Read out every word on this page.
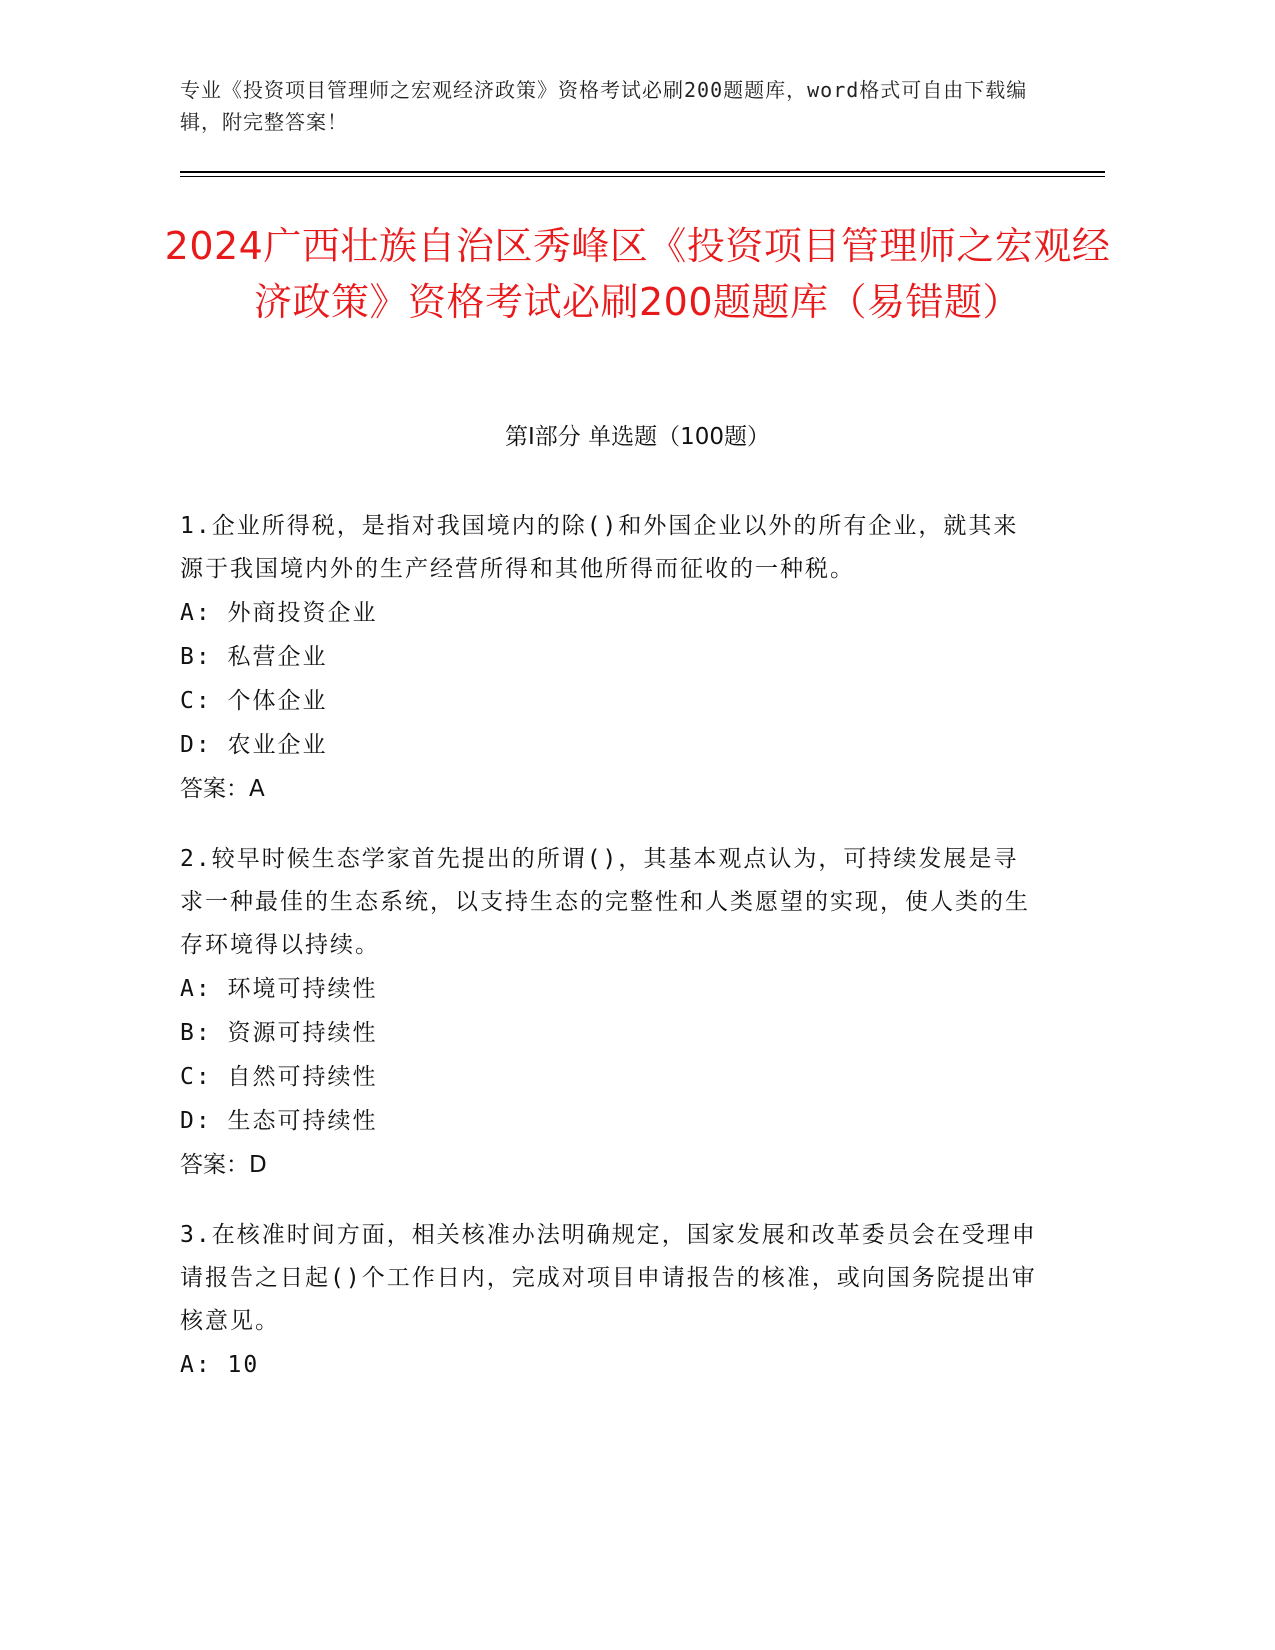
专业《投资项目管理师之宏观经济政策》资格考试必刷200题题库，word格式可自由下载编辑，附完整答案！
2024广西壮族自治区秀峰区《投资项目管理师之宏观经济政策》资格考试必刷200题题库（易错题）
第Ⅰ部分 单选题（100题）
1.企业所得税，是指对我国境内的除()和外国企业以外的所有企业，就其来源于我国境内外的生产经营所得和其他所得而征收的一种税。
A: 外商投资企业
B: 私营企业
C: 个体企业
D: 农业企业
答案：A
2.较早时候生态学家首先提出的所谓()，其基本观点认为，可持续发展是寻求一种最佳的生态系统，以支持生态的完整性和人类愿望的实现，使人类的生存环境得以持续。
A: 环境可持续性
B: 资源可持续性
C: 自然可持续性
D: 生态可持续性
答案：D
3.在核准时间方面，相关核准办法明确规定，国家发展和改革委员会在受理申请报告之日起()个工作日内，完成对项目申请报告的核准，或向国务院提出审核意见。
A: 10
